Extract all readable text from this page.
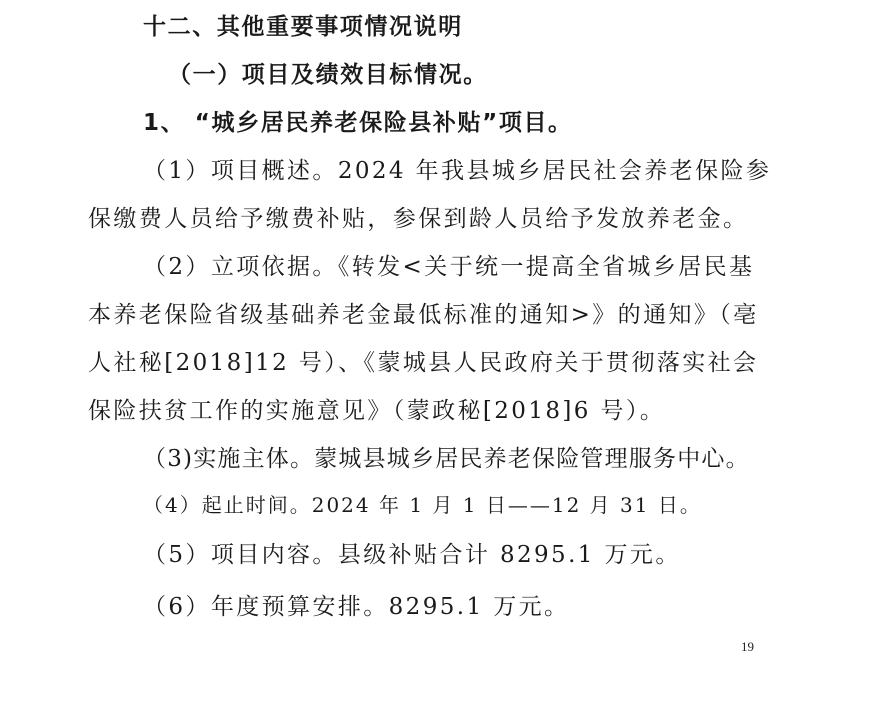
十二、其他重要事项情况说明
（一）项目及绩效目标情况。
1、 “城乡居民养老保险县补贴”项目。
（1）项目概述。2024 年我县城乡居民社会养老保险参
保缴费人员给予缴费补贴，参保到龄人员给予发放养老金。
（2）立项依据。《转发<关于统一提高全省城乡居民基
本养老保险省级基础养老金最低标准的通知>》的通知》（亳
人社秘[2018]12 号）、《蒙城县人民政府关于贯彻落实社会
保险扶贫工作的实施意见》（蒙政秘[2018]6 号）。
（3)实施主体。蒙城县城乡居民养老保险管理服务中心。
（4）起止时间。2024 年 1 月 1 日——12 月 31 日。
（5）项目内容。县级补贴合计 8295.1 万元。
（6）年度预算安排。8295.1 万元。
19
